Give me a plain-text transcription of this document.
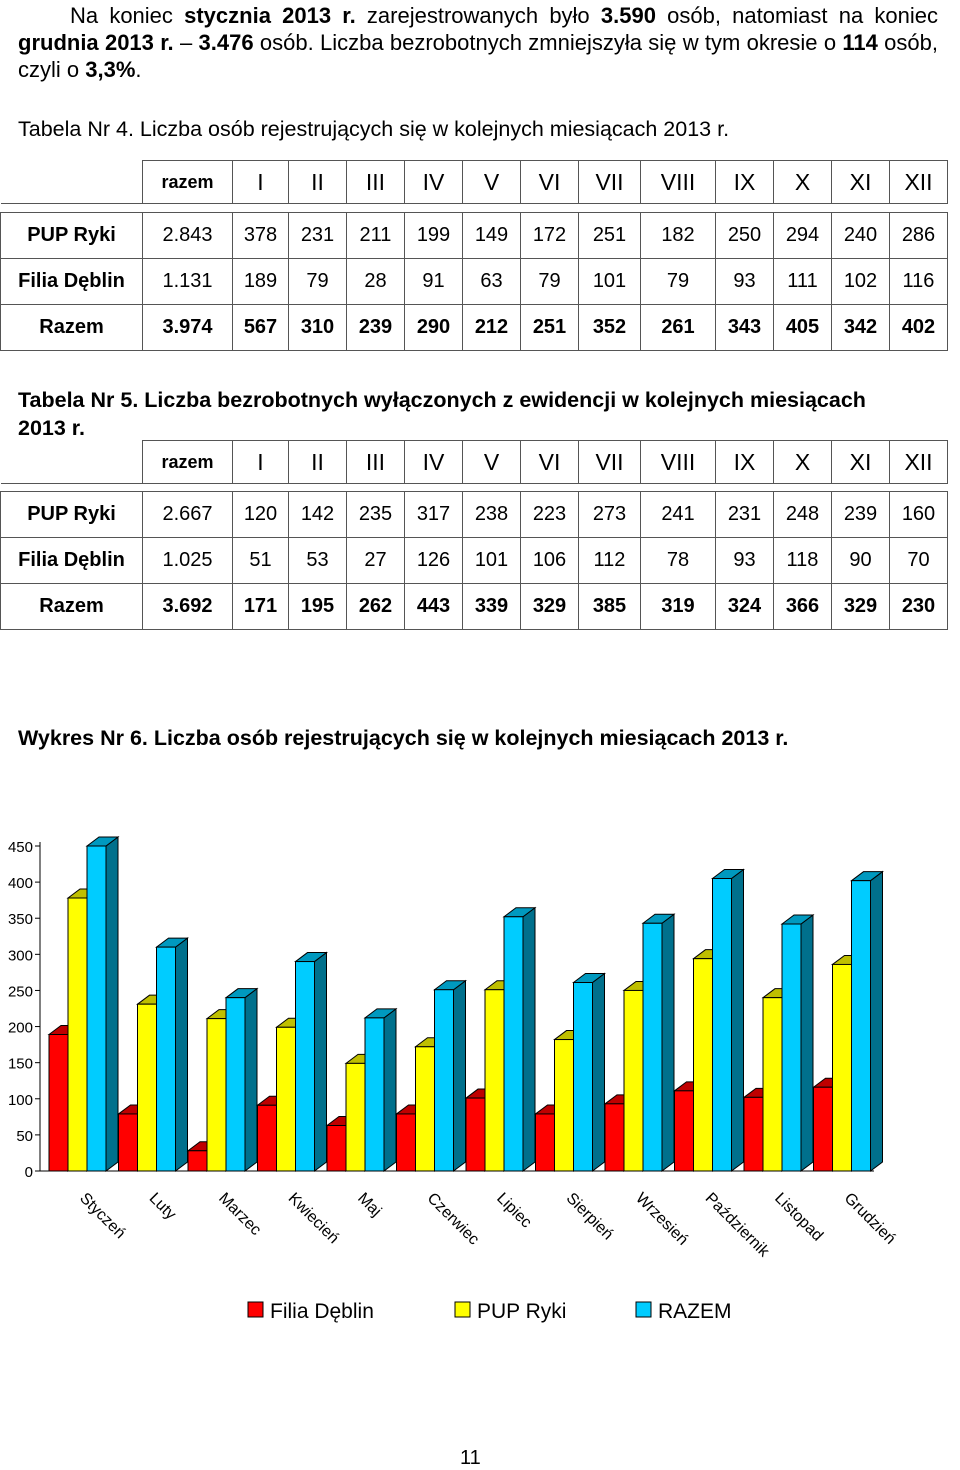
Na koniec stycznia 2013 r. zarejestrowanych było 3.590 osób, natomiast na koniec grudnia 2013 r. – 3.476 osób. Liczba bezrobotnych zmniejszyła się w tym okresie o 114 osób, czyli o 3,3%.

Tabela Nr 4. Liczba osób rejestrujących się w kolejnych miesiącach 2013 r.

	razem	I	II	III	IV	V	VI	VII	VIII	IX	X	XI	XII

PUP Ryki	2.843	378	231	211	199	149	172	251	182	250	294	240	286
Filia Dęblin	1.131	189	79	28	91	63	79	101	79	93	111	102	116
Razem	3.974	567	310	239	290	212	251	352	261	343	405	342	402

Tabela Nr 5. Liczba bezrobotnych wyłączonych z ewidencji w kolejnych miesiącach
2013 r.

	razem	I	II	III	IV	V	VI	VII	VIII	IX	X	XI	XII

PUP Ryki	2.667	120	142	235	317	238	223	273	241	231	248	239	160
Filia Dęblin	1.025	51	53	27	126	101	106	112	78	93	118	90	70
Razem	3.692	171	195	262	443	339	329	385	319	324	366	329	230

Wykres Nr 6. Liczba osób rejestrujących się w kolejnych miesiącach 2013 r.

0
50
100
150
200
250
300
350
400
450
Styczeń Luty Marzec Kwiecień Maj Czerwiec Lipiec Sierpień Wrzesień Październik
Listopad Grudzień
Filia Dęblin	PUP Ryki	RAZEM
11
